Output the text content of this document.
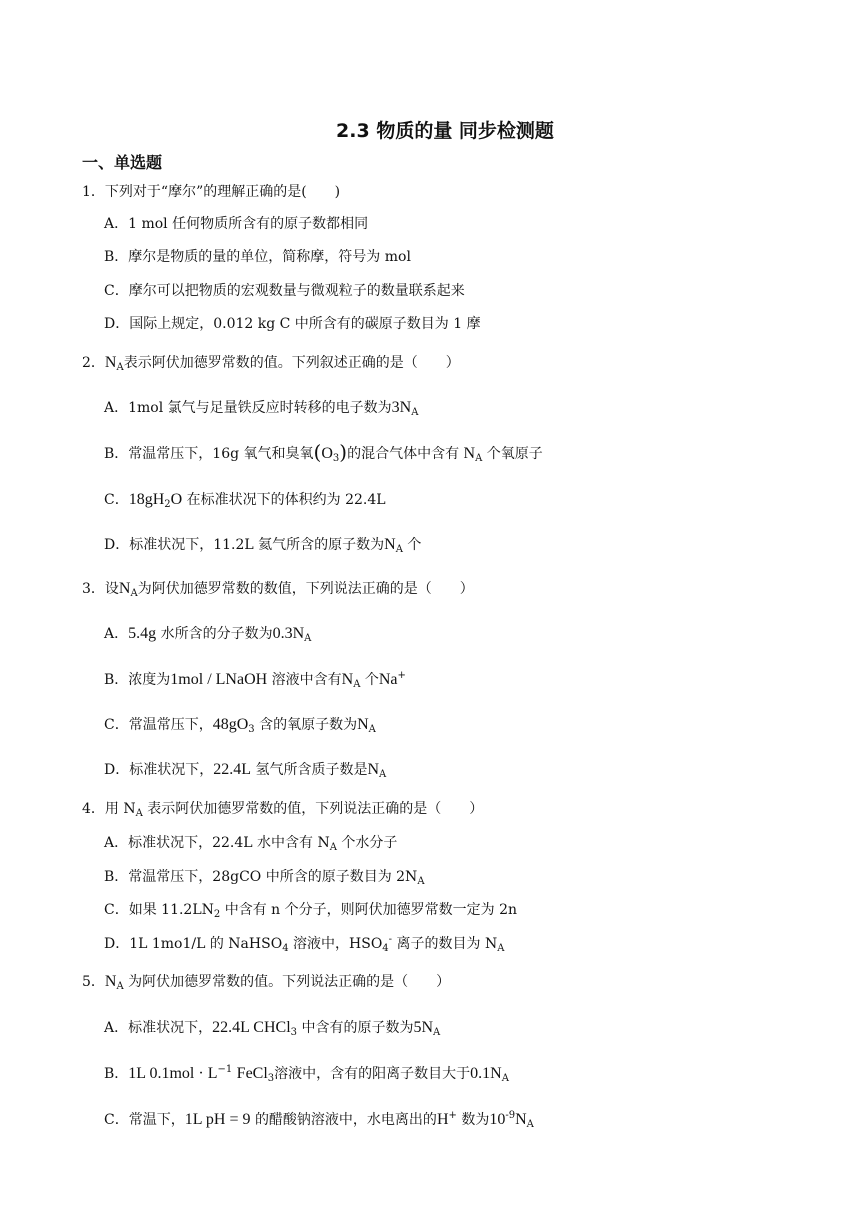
2.3 物质的量 同步检测题
一、单选题
1．下列对于“摩尔”的理解正确的是(　　)
A．1 mol 任何物质所含有的原子数都相同
B．摩尔是物质的量的单位，简称摩，符号为 mol
C．摩尔可以把物质的宏观数量与微观粒子的数量联系起来
D．国际上规定，0.012 kg C 中所含有的碳原子数目为 1 摩
2．$N_A$表示阿伏加德罗常数的值。下列叙述正确的是（　　）
A．1mol 氯气与足量铁反应时转移的电子数为$3N_A$
B．常温常压下，16g 氧气和臭氧$(O_3)$的混合气体中含有 $N_A$ 个氧原子
C．$18gH_2O$ 在标准状况下的体积约为 22.4L
D．标准状况下，11.2L 氦气所含的原子数为$N_A$ 个
3．设$N_A$为阿伏加德罗常数的数值，下列说法正确的是（　　）
A．5.4g 水所含的分子数为$0.3N_A$
B．浓度为1mol / LNaOH 溶液中含有$N_A$ 个Na+
C．常温常压下，$48gO_3$ 含的氧原子数为$N_A$
D．标准状况下，22.4L 氢气所含质子数是$N_A$
4．用 $N_A$ 表示阿伏加德罗常数的值，下列说法正确的是（　　）
A．标准状况下，22.4L 水中含有 $N_A$ 个水分子
B．常温常压下，28gCO 中所含的原子数目为 $2N_A$
C．如果 $11.2LN_2$ 中含有 n 个分子，则阿伏加德罗常数一定为 2n
D．1L 1mo1/L 的 NaHSO$_4$ 溶液中，$HSO_4^-$ 离子的数目为 $N_A$
5．$N_A$ 为阿伏加德罗常数的值。下列说法正确的是（　　）
A．标准状况下，22.4L CHCl$_3$ 中含有的原子数为$5N_A$
B．1L $0.1mol \cdot L^{-1}$ FeCl$_3$溶液中，含有的阳离子数目大于$0.1N_A$
C．常温下，1L pH = 9 的醋酸钠溶液中，水电离出的H+ 数为$10^{-9}N_A$
